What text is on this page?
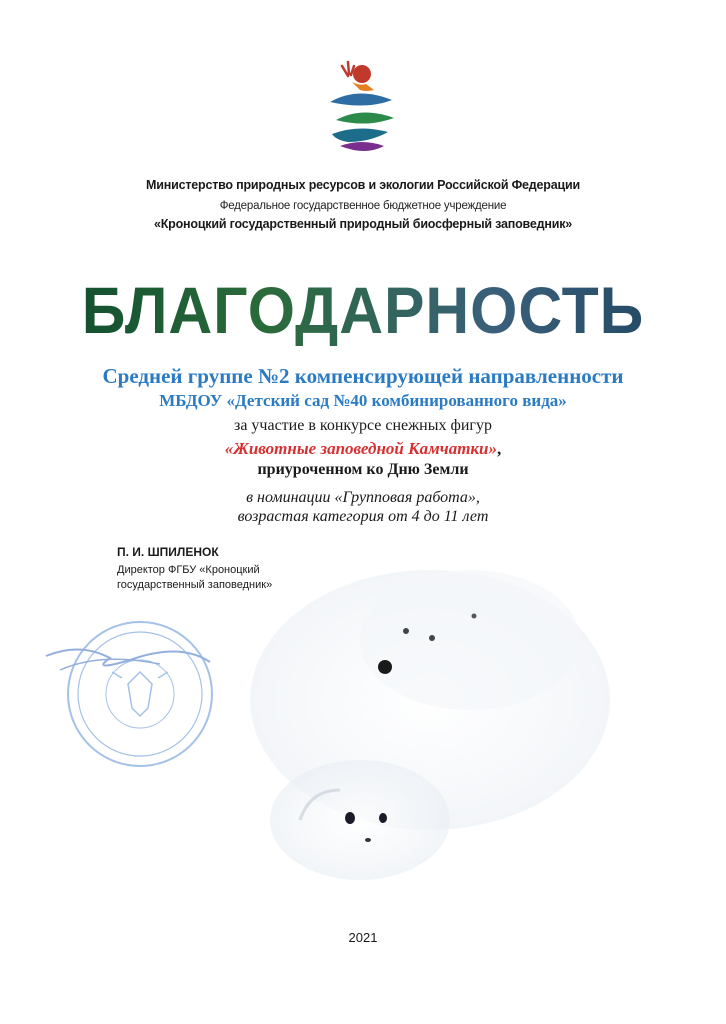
Министерство природных ресурсов и экологии Российской Федерации
Федеральное государственное бюджетное учреждение
«Кроноцкий государственный природный биосферный заповедник»
БЛАГОДАРНОСТЬ
Средней группе №2 компенсирующей направленности
МБДОУ «Детский сад №40 комбинированного вида»
за участие в конкурсе снежных фигур
«Животные заповедной Камчатки»,
приуроченном ко Дню Земли
в номинации «Групповая работа»,
возрастая категория от 4 до 11 лет
П. И. ШПИЛЕНОК
Директор ФГБУ «Кроноцкий
государственный заповедник»
2021
